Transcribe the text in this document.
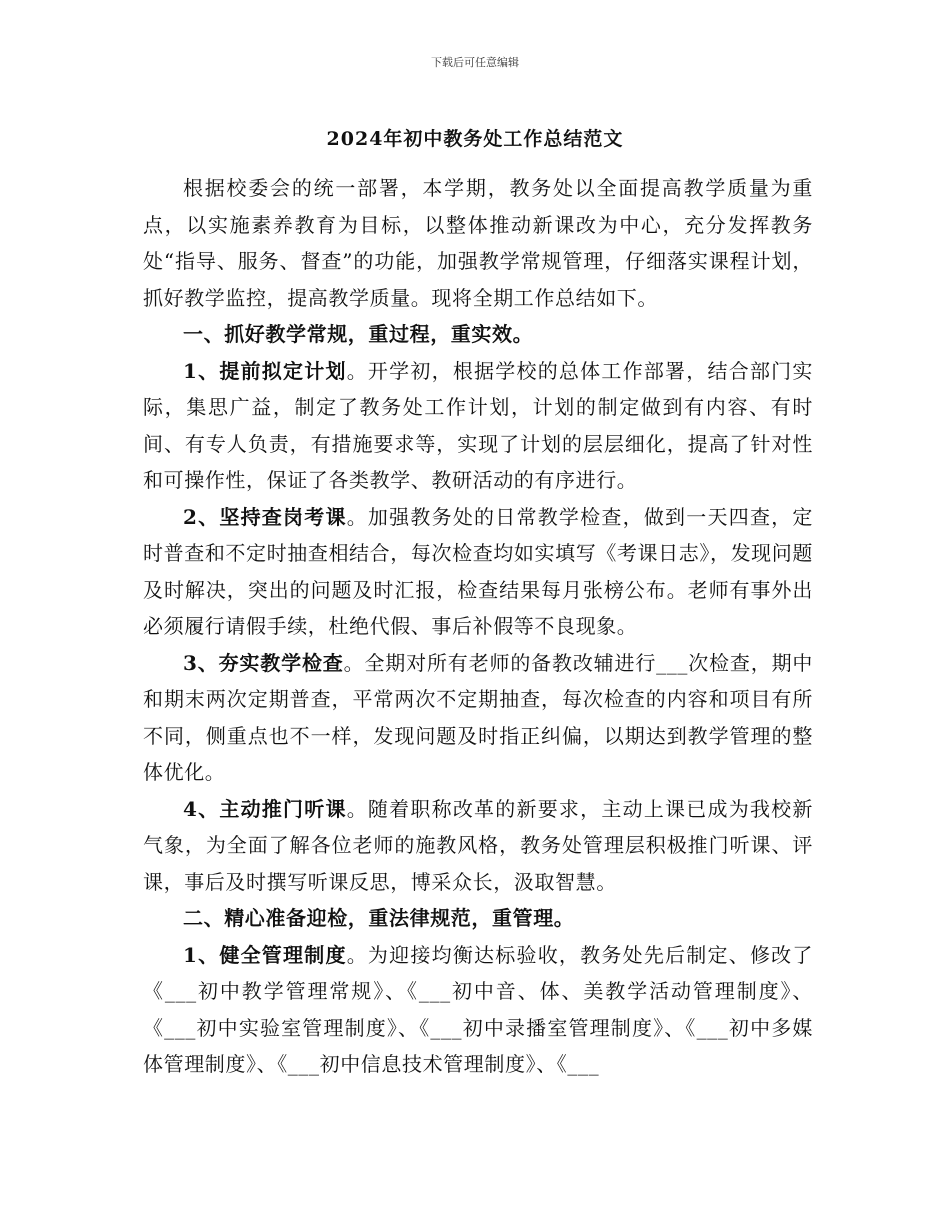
下载后可任意编辑
2024年初中教务处工作总结范文

根据校委会的统一部署，本学期，教务处以全面提高教学质量为重点，以实施素养教育为目标，以整体推动新课改为中心，充分发挥教务处“指导、服务、督查”的功能，加强教学常规管理，仔细落实课程计划，抓好教学监控，提高教学质量。现将全期工作总结如下。

一、抓好教学常规，重过程，重实效。

1、提前拟定计划。开学初，根据学校的总体工作部署，结合部门实际，集思广益，制定了教务处工作计划，计划的制定做到有内容、有时间、有专人负责，有措施要求等，实现了计划的层层细化，提高了针对性和可操作性，保证了各类教学、教研活动的有序进行。

2、坚持查岗考课。加强教务处的日常教学检查，做到一天四查，定时普查和不定时抽查相结合，每次检查均如实填写《考课日志》，发现问题及时解决，突出的问题及时汇报，检查结果每月张榜公布。老师有事外出必须履行请假手续，杜绝代假、事后补假等不良现象。

3、夯实教学检查。全期对所有老师的备教改辅进行___次检查，期中和期末两次定期普查，平常两次不定期抽查，每次检查的内容和项目有所不同，侧重点也不一样，发现问题及时指正纠偏，以期达到教学管理的整体优化。

4、主动推门听课。随着职称改革的新要求，主动上课已成为我校新气象，为全面了解各位老师的施教风格，教务处管理层积极推门听课、评课，事后及时撰写听课反思，博采众长，汲取智慧。

二、精心准备迎检，重法律规范，重管理。

1、健全管理制度。为迎接均衡达标验收，教务处先后制定、修改了《___初中教学管理常规》、《___初中音、体、美教学活动管理制度》、《___初中实验室管理制度》、《___初中录播室管理制度》、《___初中多媒体管理制度》、《___初中信息技术管理制度》、《___
